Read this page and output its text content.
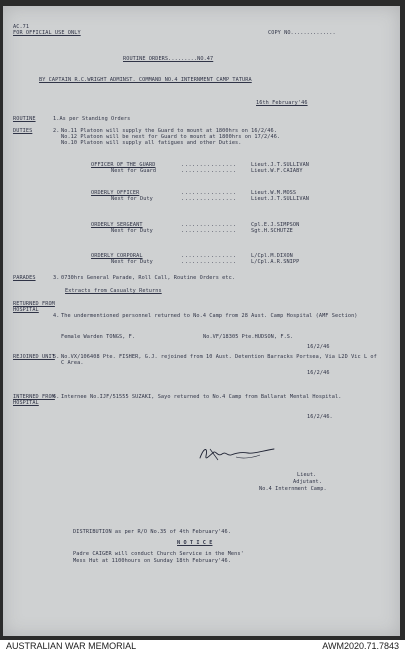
AC.71
FOR OFFICIAL USE ONLY	COPY NO..............
ROUTINE ORDERS.........NO.47
BY CAPTAIN R.C.WRIGHT ADMINST. COMMAND NO.4 INTERNMENT CAMP TATURA
16th February'46
ROUTINE	1.As per Standing Orders
DUTIES	2. No.11 Platoon will supply the Guard to mount at 1800hrs on 16/2/46.
No.12 Platoon will be next for Guard to mount at 1800hrs on 17/2/46.
No.10 Platoon will supply all fatigues and other Duties.
OFFICER OF THE GUARD	...............	Lieut.J.T.SULLIVAN
Next for Guard	...............	Lieut.W.F.CAIABY
ORDERLY OFFICER	...............	Lieut.W.M.MOSS
Next for Duty	...............	Lieut.J.T.SULLIVAN
ORDERLY SERGEANT	...............	Cpl.E.J.SIMPSON
Next for Duty	...............	Sgt.H.SCHUTZE
ORDERLY CORPORAL	...............	L/Cpl.M.DIXON
Next for Duty	...............	L/Cpl.A.R.SNIPP
PARADES	3. 0730hrs General Parade, Roll Call, Routine Orders etc.
Extracts from Casualty Returns
RETURNED FROM HOSPITAL
4. The undermentioned personnel returned to No.4 Camp from 28 Aust. Camp Hospital (AMF Section)
Female Warden TONGS, F.	No.VF/18305 Pte.HUDSON, F.S.
16/2/46
REJOINED UNIT
5. No.VX/106408 Pte. FISHER, G.J. rejoined from 10 Aust. Detention Barracks Portsea, Via L2D Vic L of C Area.
16/2/46
INTERNED FROM HOSPITAL
6. Internee No.IJF/51555 SUZAKI, Sayo returned to No.4 Camp from Ballarat Mental Hospital.
16/2/46.
Lieut.
Adjutant.
No.4 Internment Camp.
DISTRIBUTION as per R/O No.35 of 4th February'46.
N O T I C E
Padre CAIGER will conduct Church Service in the Mens'
Mess Hut at 1100hours on Sunday 18th February'46.
AUSTRALIAN WAR MEMORIAL	AWM2020.71.7843
